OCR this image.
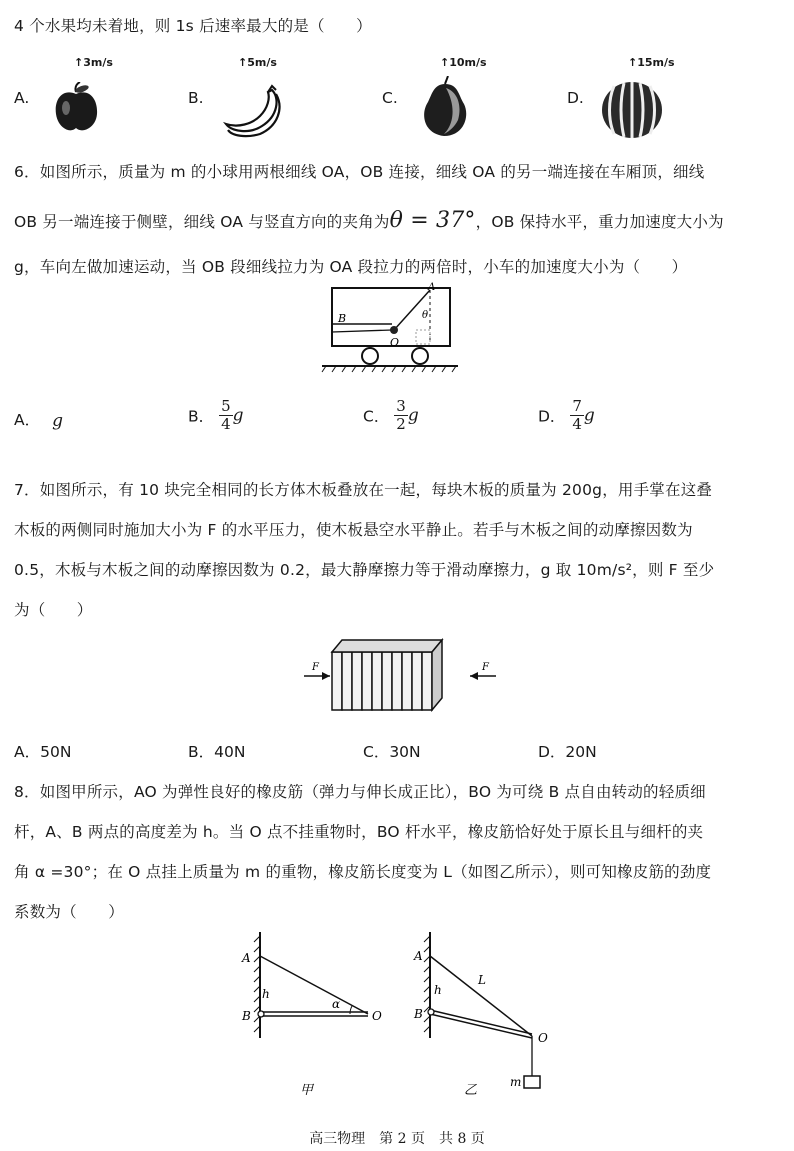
4 个水果均未着地，则 1s 后速率最大的是（　　）
A.
↑3m/s
B.
↑5m/s
C.
↑10m/s
D.
↑15m/s
6．如图所示，质量为 m 的小球用两根细线 OA，OB 连接，细线 OA 的另一端连接在车厢顶，细线
OB 另一端连接于侧壁，细线 OA 与竖直方向的夹角为θ = 37°，OB 保持水平，重力加速度大小为
g，车向左做加速运动，当 OB 段细线拉力为 OA 段拉力的两倍时，小车的加速度大小为（　　）
A
B	θ
O
A． g	B． $\frac{5}{4}$ g	C． $\frac{3}{2}$ g	D． $\frac{7}{4}$ g
7．如图所示，有 10 块完全相同的长方体木板叠放在一起，每块木板的质量为 200g，用手掌在这叠
木板的两侧同时施加大小为 F 的水平压力，使木板悬空水平静止。若手与木板之间的动摩擦因数为
0.5，木板与木板之间的动摩擦因数为 0.2，最大静摩擦力等于滑动摩擦力，g 取 10m/s²，则 F 至少
为（　　）
F	F
A．50N	B．40N	C．30N	D．20N
8．如图甲所示，AO 为弹性良好的橡皮筋（弹力与伸长成正比），BO 为可绕 B 点自由转动的轻质细
杆，A、B 两点的高度差为 h。当 O 点不挂重物时，BO 杆水平，橡皮筋恰好处于原长且与细杆的夹
角 α =30°；在 O 点挂上质量为 m 的重物，橡皮筋长度变为 L（如图乙所示），则可知橡皮筋的劲度
系数为（　　）
A
h
B
α
O
甲
A
h
L
B
O
m
乙
高三物理　第 2 页　共 8 页
